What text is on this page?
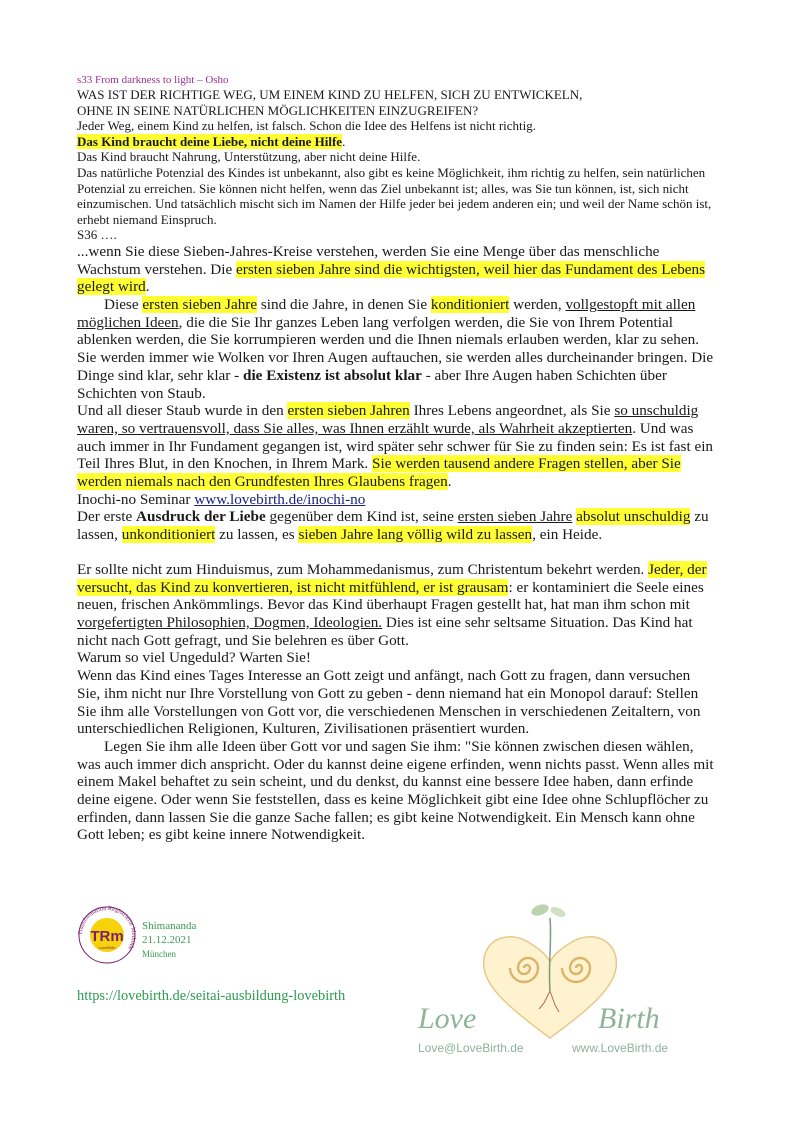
s33 From darkness to light – Osho

WAS IST DER RICHTIGE WEG, UM EINEM KIND ZU HELFEN, SICH ZU ENTWICKELN,

OHNE IN SEINE NATÜRLICHEN MÖGLICHKEITEN EINZUGREIFEN?

Jeder Weg, einem Kind zu helfen, ist falsch. Schon die Idee des Helfens ist nicht richtig.

Das Kind braucht deine Liebe, nicht deine Hilfe.

Das Kind braucht Nahrung, Unterstützung, aber nicht deine Hilfe.

Das natürliche Potenzial des Kindes ist unbekannt, also gibt es keine Möglichkeit, ihm richtig zu helfen, sein natürlichen Potenzial zu erreichen. Sie können nicht helfen, wenn das Ziel unbekannt ist; alles, was Sie tun können, ist, sich nicht einzumischen. Und tatsächlich mischt sich im Namen der Hilfe jeder bei jedem anderen ein; und weil der Name schön ist, erhebt niemand Einspruch.

S36 ….

...wenn Sie diese Sieben-Jahres-Kreise verstehen, werden Sie eine Menge über das menschliche Wachstum verstehen. Die ersten sieben Jahre sind die wichtigsten, weil hier das Fundament des Lebens gelegt wird.

Diese ersten sieben Jahre sind die Jahre, in denen Sie konditioniert werden, vollgestopft mit allen möglichen Ideen, die die Sie Ihr ganzes Leben lang verfolgen werden, die Sie von Ihrem Potential ablenken werden, die Sie korrumpieren werden und die Ihnen niemals erlauben werden, klar zu sehen. Sie werden immer wie Wolken vor Ihren Augen auftauchen, sie werden alles durcheinander bringen. Die Dinge sind klar, sehr klar - die Existenz ist absolut klar - aber Ihre Augen haben Schichten über Schichten von Staub.

Und all dieser Staub wurde in den ersten sieben Jahren Ihres Lebens angeordnet, als Sie so unschuldig waren, so vertrauensvoll, dass Sie alles, was Ihnen erzählt wurde, als Wahrheit akzeptierten. Und was auch immer in Ihr Fundament gegangen ist, wird später sehr schwer für Sie zu finden sein: Es ist fast ein Teil Ihres Blut, in den Knochen, in Ihrem Mark. Sie werden tausend andere Fragen stellen, aber Sie werden niemals nach den Grundfesten Ihres Glaubens fragen.

Inochi-no Seminar www.lovebirth.de/inochi-no

Der erste Ausdruck der Liebe gegenüber dem Kind ist, seine ersten sieben Jahre absolut unschuldig zu lassen, unkonditioniert zu lassen, es sieben Jahre lang völlig wild zu lassen, ein Heide.

Er sollte nicht zum Hinduismus, zum Mohammedanismus, zum Christentum bekehrt werden. Jeder, der versucht, das Kind zu konvertieren, ist nicht mitfühlend, er ist grausam: er kontaminiert die Seele eines neuen, frischen Ankömmlings. Bevor das Kind überhaupt Fragen gestellt hat, hat man ihm schon mit vorgefertigten Philosophien, Dogmen, Ideologien. Dies ist eine sehr seltsame Situation. Das Kind hat nicht nach Gott gefragt, und Sie belehren es über Gott.

Warum so viel Ungeduld? Warten Sie!

Wenn das Kind eines Tages Interesse an Gott zeigt und anfängt, nach Gott zu fragen, dann versuchen Sie, ihm nicht nur Ihre Vorstellung von Gott zu geben - denn niemand hat ein Monopol darauf: Stellen Sie ihm alle Vorstellungen von Gott vor, die verschiedenen Menschen in verschiedenen Zeitaltern, von unterschiedlichen Religionen, Kulturen, Zivilisationen präsentiert wurden.

Legen Sie ihm alle Ideen über Gott vor und sagen Sie ihm: "Sie können zwischen diesen wählen, was auch immer dich anspricht. Oder du kannst deine eigene erfinden, wenn nichts passt. Wenn alles mit einem Makel behaftet zu sein scheint, und du denkst, du kannst eine bessere Idee haben, dann erfinde deine eigene. Oder wenn Sie feststellen, dass es keine Möglichkeit gibt eine Idee ohne Schlupflöcher zu erfinden, dann lassen Sie die ganze Sache fallen; es gibt keine Notwendigkeit. Ein Mensch kann ohne Gott leben; es gibt keine innere Notwendigkeit.

Transformation Registrierte Methode
TRm
LoveBirth
Shimananda
21.12.2021
München
https://lovebirth.de/seitai-ausbildung-lovebirth
Love	Birth
Love@LoveBirth.de	www.LoveBirth.de
